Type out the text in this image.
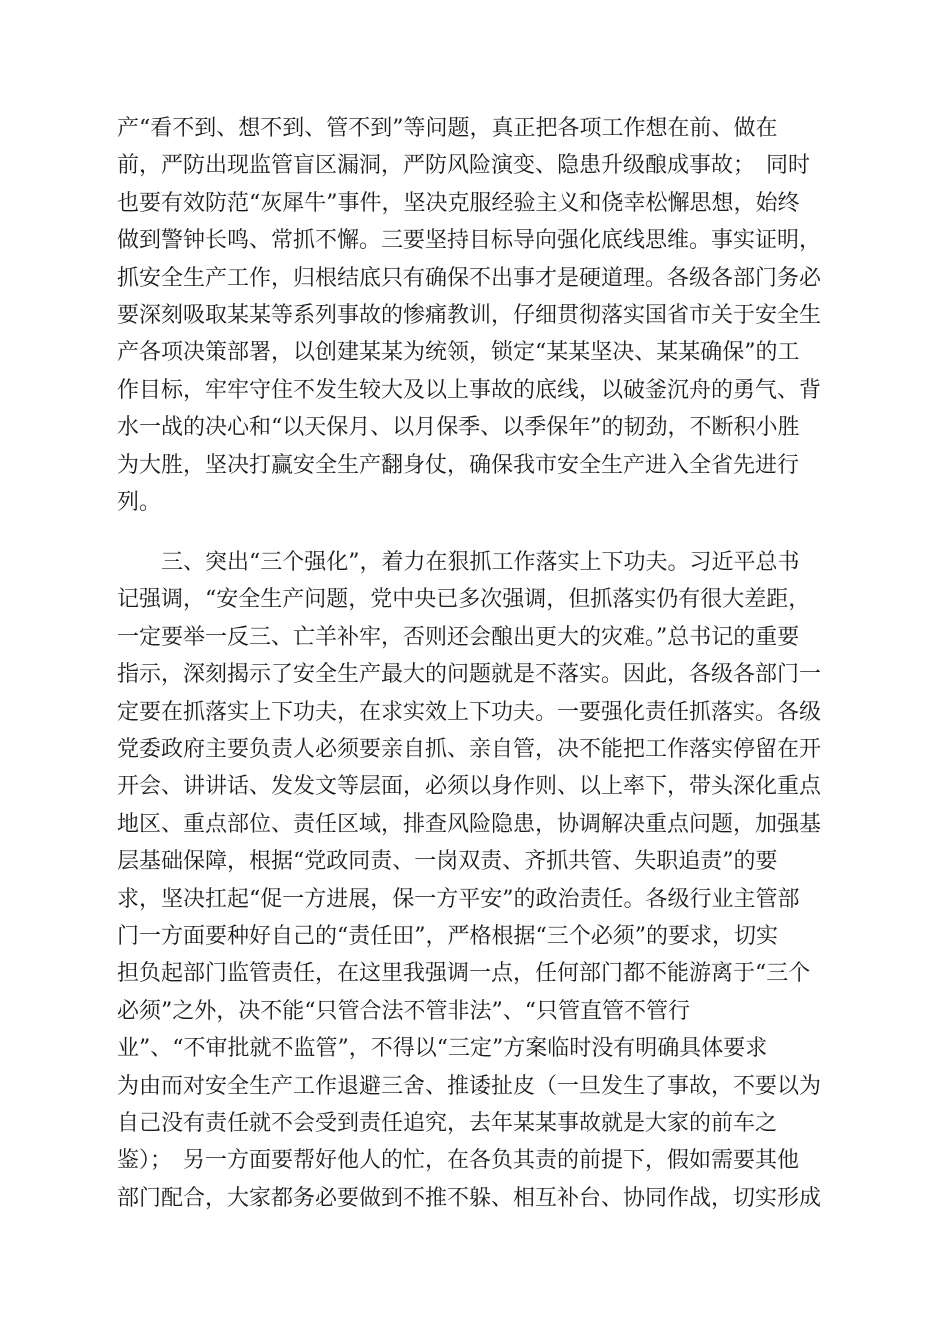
产“看不到、想不到、管不到”等问题，真正把各项工作想在前、做在
前，严防出现监管盲区漏洞，严防风险演变、隐患升级酿成事故；　同时
也要有效防范“灰犀牛”事件，坚决克服经验主义和侥幸松懈思想，始终
做到警钟长鸣、常抓不懈。三要坚持目标导向强化底线思维。事实证明，
抓安全生产工作，归根结底只有确保不出事才是硬道理。各级各部门务必
要深刻吸取某某等系列事故的惨痛教训，仔细贯彻落实国省市关于安全生
产各项决策部署，以创建某某为统领，锁定“某某坚决、某某确保”的工
作目标，牢牢守住不发生较大及以上事故的底线，以破釜沉舟的勇气、背
水一战的决心和“以天保月、以月保季、以季保年”的韧劲，不断积小胜
为大胜，坚决打赢安全生产翻身仗，确保我市安全生产进入全省先进行
列。
　　三、突出“三个强化”，着力在狠抓工作落实上下功夫。习近平总书
记强调，“安全生产问题，党中央已多次强调，但抓落实仍有很大差距，
一定要举一反三、亡羊补牢，否则还会酿出更大的灾难。”总书记的重要
指示，深刻揭示了安全生产最大的问题就是不落实。因此，各级各部门一
定要在抓落实上下功夫，在求实效上下功夫。一要强化责任抓落实。各级
党委政府主要负责人必须要亲自抓、亲自管，决不能把工作落实停留在开
开会、讲讲话、发发文等层面，必须以身作则、以上率下，带头深化重点
地区、重点部位、责任区域，排查风险隐患，协调解决重点问题，加强基
层基础保障，根据“党政同责、一岗双责、齐抓共管、失职追责”的要
求，坚决扛起“促一方进展，保一方平安”的政治责任。各级行业主管部
门一方面要种好自己的“责任田”，严格根据“三个必须”的要求，切实
担负起部门监管责任，在这里我强调一点，任何部门都不能游离于“三个
必须”之外，决不能“只管合法不管非法”、“只管直管不管行
业”、“不审批就不监管”，不得以“三定”方案临时没有明确具体要求
为由而对安全生产工作退避三舍、推诿扯皮（一旦发生了事故，不要以为
自己没有责任就不会受到责任追究，去年某某事故就是大家的前车之
鉴）；　另一方面要帮好他人的忙，在各负其责的前提下，假如需要其他
部门配合，大家都务必要做到不推不躲、相互补台、协同作战，切实形成
